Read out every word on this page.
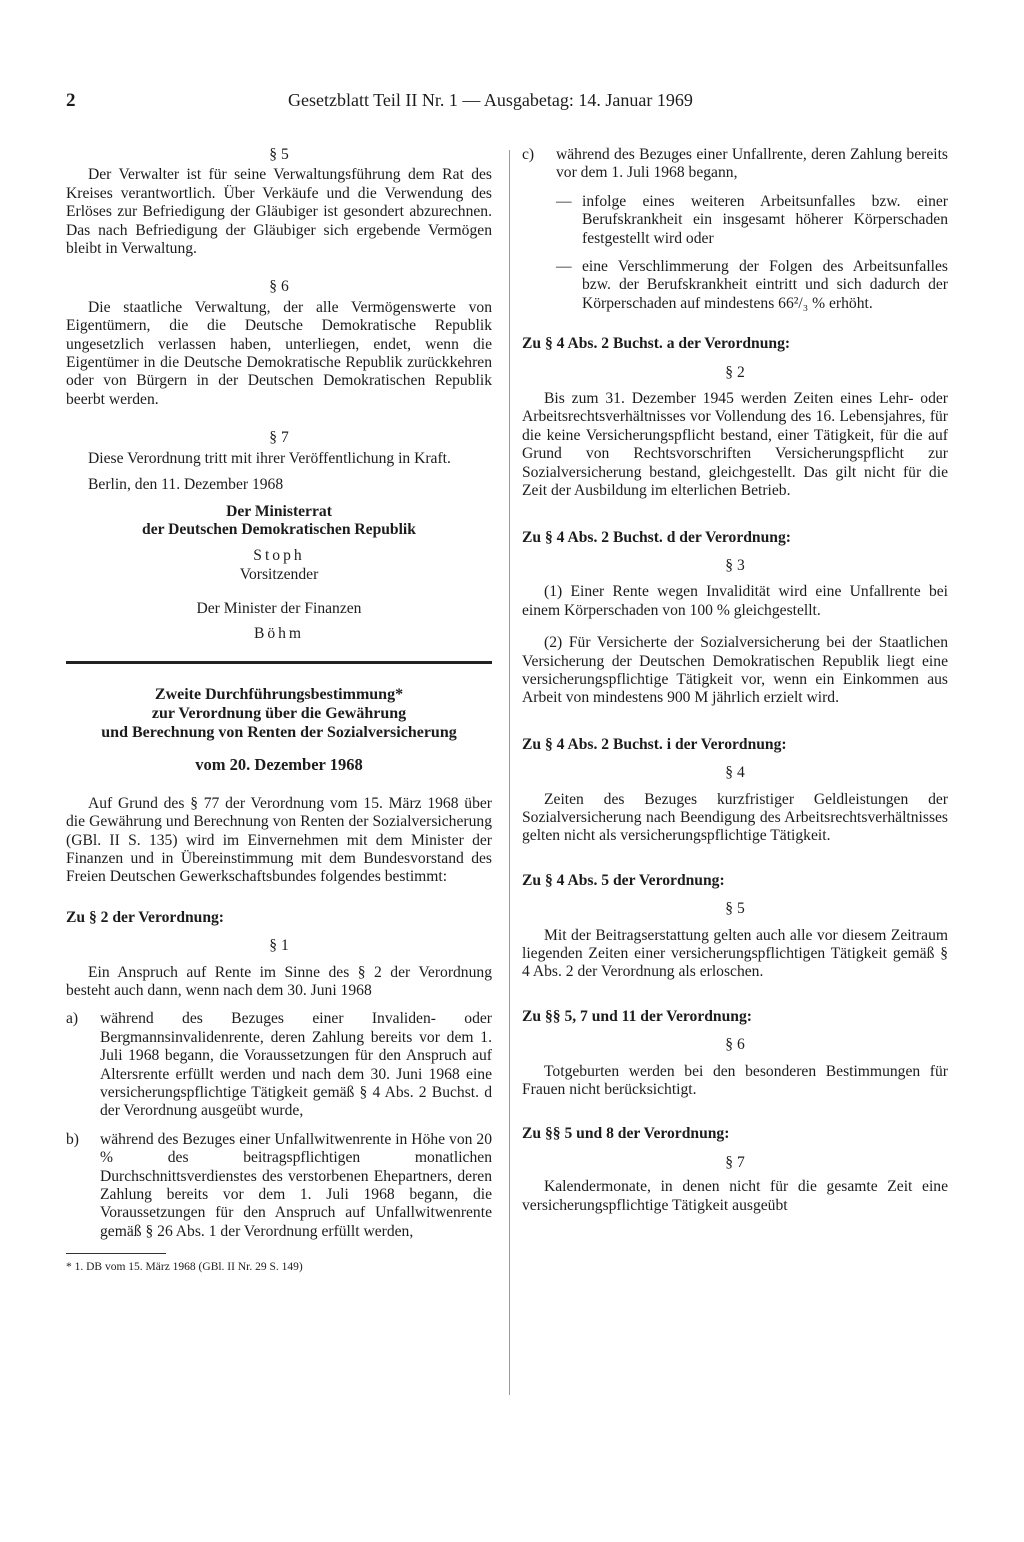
2	Gesetzblatt Teil II Nr. 1 — Ausgabetag: 14. Januar 1969
§ 5
Der Verwalter ist für seine Verwaltungsführung dem Rat des Kreises verantwortlich. Über Verkäufe und die Verwendung des Erlöses zur Befriedigung der Gläubiger ist gesondert abzurechnen. Das nach Befriedigung der Gläubiger sich ergebende Vermögen bleibt in Verwaltung.
§ 6
Die staatliche Verwaltung, der alle Vermögenswerte von Eigentümern, die die Deutsche Demokratische Republik ungesetzlich verlassen haben, unterliegen, endet, wenn die Eigentümer in die Deutsche Demokratische Republik zurückkehren oder von Bürgern in der Deutschen Demokratischen Republik beerbt werden.
§ 7
Diese Verordnung tritt mit ihrer Veröffentlichung in Kraft.
Berlin, den 11. Dezember 1968
Der Ministerrat
der Deutschen Demokratischen Republik
Stoph
Vorsitzender
Der Minister der Finanzen
Böhm
Zweite Durchführungsbestimmung*
zur Verordnung über die Gewährung
und Berechnung von Renten der Sozialversicherung
vom 20. Dezember 1968
Auf Grund des § 77 der Verordnung vom 15. März 1968 über die Gewährung und Berechnung von Renten der Sozialversicherung (GBl. II S. 135) wird im Einvernehmen mit dem Minister der Finanzen und in Übereinstimmung mit dem Bundesvorstand des Freien Deutschen Gewerkschaftsbundes folgendes bestimmt:
Zu § 2 der Verordnung:
§ 1
Ein Anspruch auf Rente im Sinne des § 2 der Verordnung besteht auch dann, wenn nach dem 30. Juni 1968
a) während des Bezuges einer Invaliden- oder Bergmannsinvalidenrente, deren Zahlung bereits vor dem 1. Juli 1968 begann, die Voraussetzungen für den Anspruch auf Altersrente erfüllt werden und nach dem 30. Juni 1968 eine versicherungspflichtige Tätigkeit gemäß § 4 Abs. 2 Buchst. d der Verordnung ausgeübt wurde,
b) während des Bezuges einer Unfallwitwenrente in Höhe von 20 % des beitragspflichtigen monatlichen Durchschnittsverdienstes des verstorbenen Ehepartners, deren Zahlung bereits vor dem 1. Juli 1968 begann, die Voraussetzungen für den Anspruch auf Unfallwitwenrente gemäß § 26 Abs. 1 der Verordnung erfüllt werden,
* 1. DB vom 15. März 1968 (GBl. II Nr. 29 S. 149)
c) während des Bezuges einer Unfallrente, deren Zahlung bereits vor dem 1. Juli 1968 begann,
— infolge eines weiteren Arbeitsunfalles bzw. einer Berufskrankheit ein insgesamt höherer Körperschaden festgestellt wird oder
— eine Verschlimmerung der Folgen des Arbeitsunfalles bzw. der Berufskrankheit eintritt und sich dadurch der Körperschaden auf mindestens 66²/₃ % erhöht.
Zu § 4 Abs. 2 Buchst. a der Verordnung:
§ 2
Bis zum 31. Dezember 1945 werden Zeiten eines Lehr- oder Arbeitsrechtsverhältnisses vor Vollendung des 16. Lebensjahres, für die keine Versicherungspflicht bestand, einer Tätigkeit, für die auf Grund von Rechtsvorschriften Versicherungspflicht zur Sozialversicherung bestand, gleichgestellt. Das gilt nicht für die Zeit der Ausbildung im elterlichen Betrieb.
Zu § 4 Abs. 2 Buchst. d der Verordnung:
§ 3
(1) Einer Rente wegen Invalidität wird eine Unfallrente bei einem Körperschaden von 100 % gleichgestellt.
(2) Für Versicherte der Sozialversicherung bei der Staatlichen Versicherung der Deutschen Demokratischen Republik liegt eine versicherungspflichtige Tätigkeit vor, wenn ein Einkommen aus Arbeit von mindestens 900 M jährlich erzielt wird.
Zu § 4 Abs. 2 Buchst. i der Verordnung:
§ 4
Zeiten des Bezuges kurzfristiger Geldleistungen der Sozialversicherung nach Beendigung des Arbeitsrechtsverhältnisses gelten nicht als versicherungspflichtige Tätigkeit.
Zu § 4 Abs. 5 der Verordnung:
§ 5
Mit der Beitragserstattung gelten auch alle vor diesem Zeitraum liegenden Zeiten einer versicherungspflichtigen Tätigkeit gemäß § 4 Abs. 2 der Verordnung als erloschen.
Zu §§ 5, 7 und 11 der Verordnung:
§ 6
Totgeburten werden bei den besonderen Bestimmungen für Frauen nicht berücksichtigt.
Zu §§ 5 und 8 der Verordnung:
§ 7
Kalendermonate, in denen nicht für die gesamte Zeit eine versicherungspflichtige Tätigkeit ausgeübt
